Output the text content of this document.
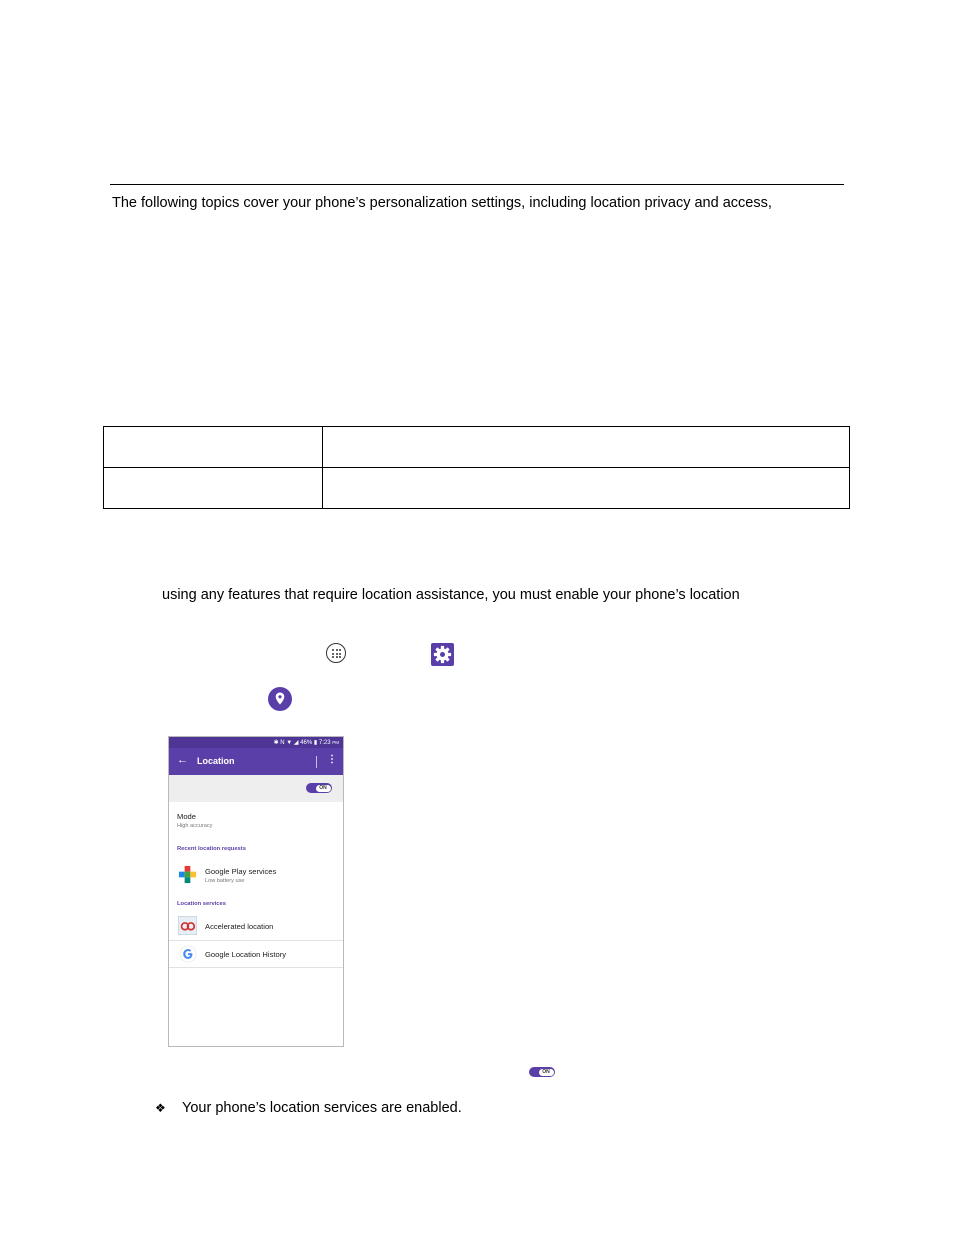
The following topics cover your phone’s personalization settings, including location privacy and access,

using any features that require location assistance, you must enable your phone’s location
✱ N ▼ ◢ 46% ▮ 7:23 PM
← Location	⋮
ON
Mode
High accuracy
Recent location requests
Google Play services
Low battery use
Location services
Accelerated location
Google Location History
ON
❖ Your phone’s location services are enabled.
